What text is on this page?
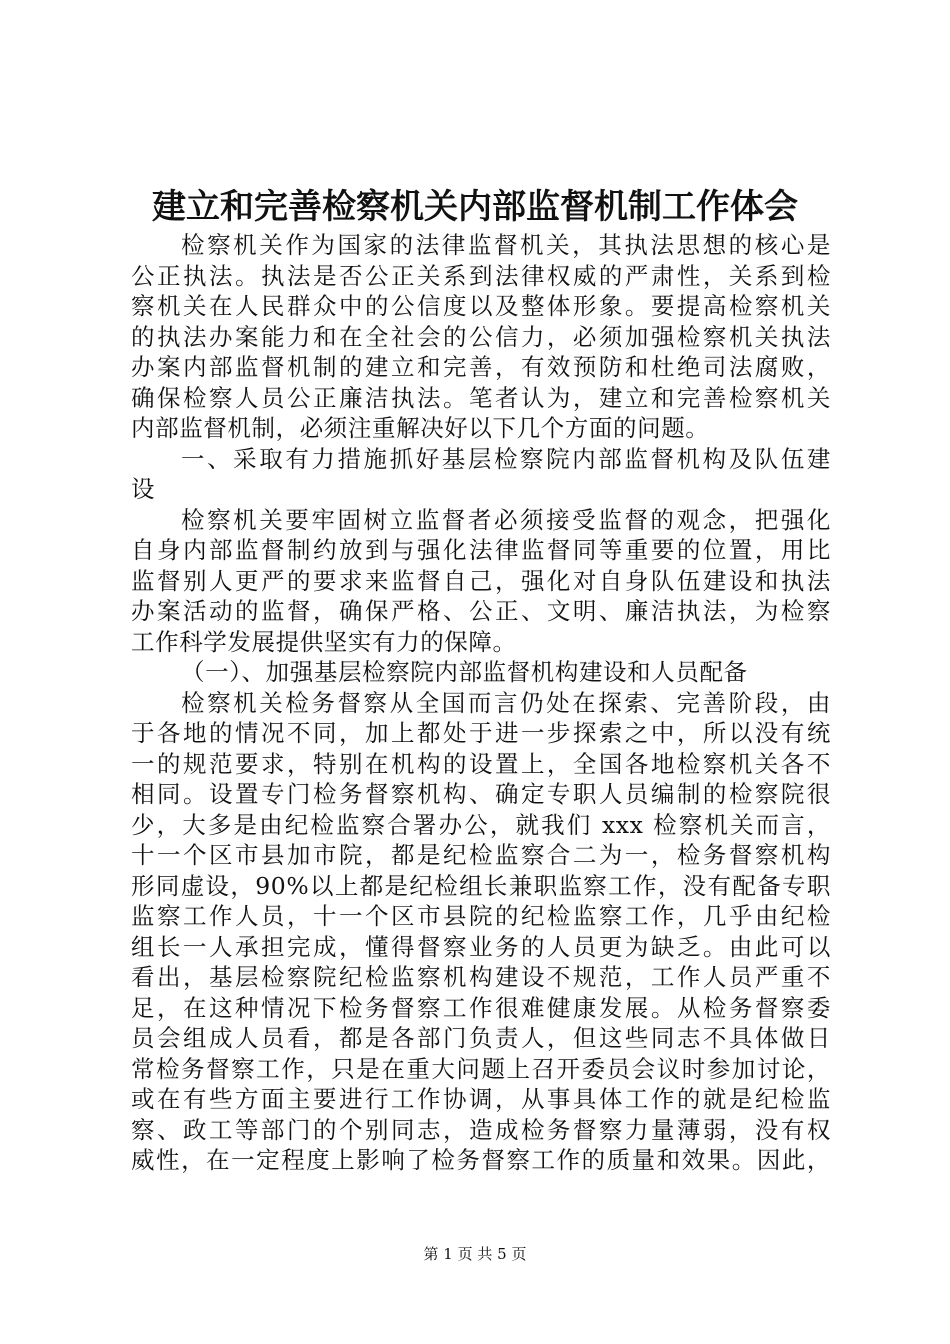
建立和完善检察机关内部监督机制工作体会
检察机关作为国家的法律监督机关，其执法思想的核心是
公正执法。执法是否公正关系到法律权威的严肃性，关系到检
察机关在人民群众中的公信度以及整体形象。要提高检察机关
的执法办案能力和在全社会的公信力，必须加强检察机关执法
办案内部监督机制的建立和完善，有效预防和杜绝司法腐败，
确保检察人员公正廉洁执法。笔者认为，建立和完善检察机关
内部监督机制，必须注重解决好以下几个方面的问题。
一、采取有力措施抓好基层检察院内部监督机构及队伍建
设
检察机关要牢固树立监督者必须接受监督的观念，把强化
自身内部监督制约放到与强化法律监督同等重要的位置，用比
监督别人更严的要求来监督自己，强化对自身队伍建设和执法
办案活动的监督，确保严格、公正、文明、廉洁执法，为检察
工作科学发展提供坚实有力的保障。
（一）、加强基层检察院内部监督机构建设和人员配备
检察机关检务督察从全国而言仍处在探索、完善阶段，由
于各地的情况不同，加上都处于进一步探索之中，所以没有统
一的规范要求，特别在机构的设置上，全国各地检察机关各不
相同。设置专门检务督察机构、确定专职人员编制的检察院很
少，大多是由纪检监察合署办公，就我们 xxx 检察机关而言，
十一个区市县加市院，都是纪检监察合二为一，检务督察机构
形同虚设，90%以上都是纪检组长兼职监察工作，没有配备专职
监察工作人员，十一个区市县院的纪检监察工作，几乎由纪检
组长一人承担完成，懂得督察业务的人员更为缺乏。由此可以
看出，基层检察院纪检监察机构建设不规范，工作人员严重不
足，在这种情况下检务督察工作很难健康发展。从检务督察委
员会组成人员看，都是各部门负责人，但这些同志不具体做日
常检务督察工作，只是在重大问题上召开委员会议时参加讨论，
或在有些方面主要进行工作协调，从事具体工作的就是纪检监
察、政工等部门的个别同志，造成检务督察力量薄弱，没有权
威性，在一定程度上影响了检务督察工作的质量和效果。因此，
第 1 页 共 5 页
